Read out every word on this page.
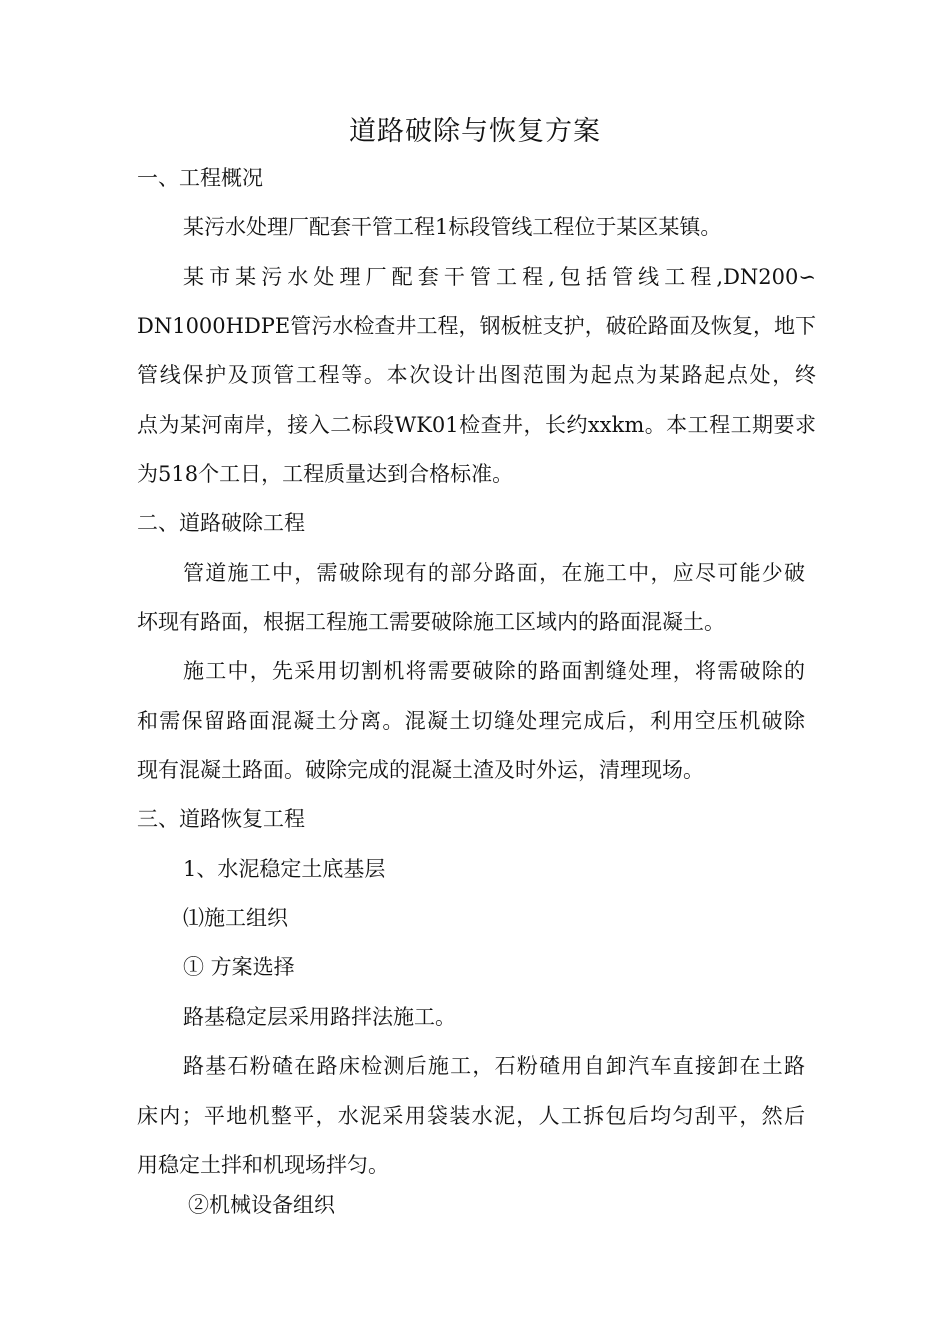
道路破除与恢复方案
一、工程概况
某污水处理厂配套干管工程1标段管线工程位于某区某镇。
某市某污水处理厂配套干管工程,包括管线工程,DN200∽
DN1000HDPE管污水检查井工程，钢板桩支护，破砼路面及恢复，地下
管线保护及顶管工程等。本次设计出图范围为起点为某路起点处，终
点为某河南岸，接入二标段WK01检查井，长约xxkm。本工程工期要求
为518个工日，工程质量达到合格标准。
二、道路破除工程
管道施工中，需破除现有的部分路面，在施工中，应尽可能少破
坏现有路面，根据工程施工需要破除施工区域内的路面混凝土。
施工中，先采用切割机将需要破除的路面割缝处理，将需破除的
和需保留路面混凝土分离。混凝土切缝处理完成后，利用空压机破除
现有混凝土路面。破除完成的混凝土渣及时外运，清理现场。
三、道路恢复工程
1、水泥稳定土底基层
⑴施工组织
① 方案选择
路基稳定层采用路拌法施工。
路基石粉碴在路床检测后施工，石粉碴用自卸汽车直接卸在土路
床内；平地机整平，水泥采用袋装水泥，人工拆包后均匀刮平，然后
用稳定土拌和机现场拌匀。
②机械设备组织
